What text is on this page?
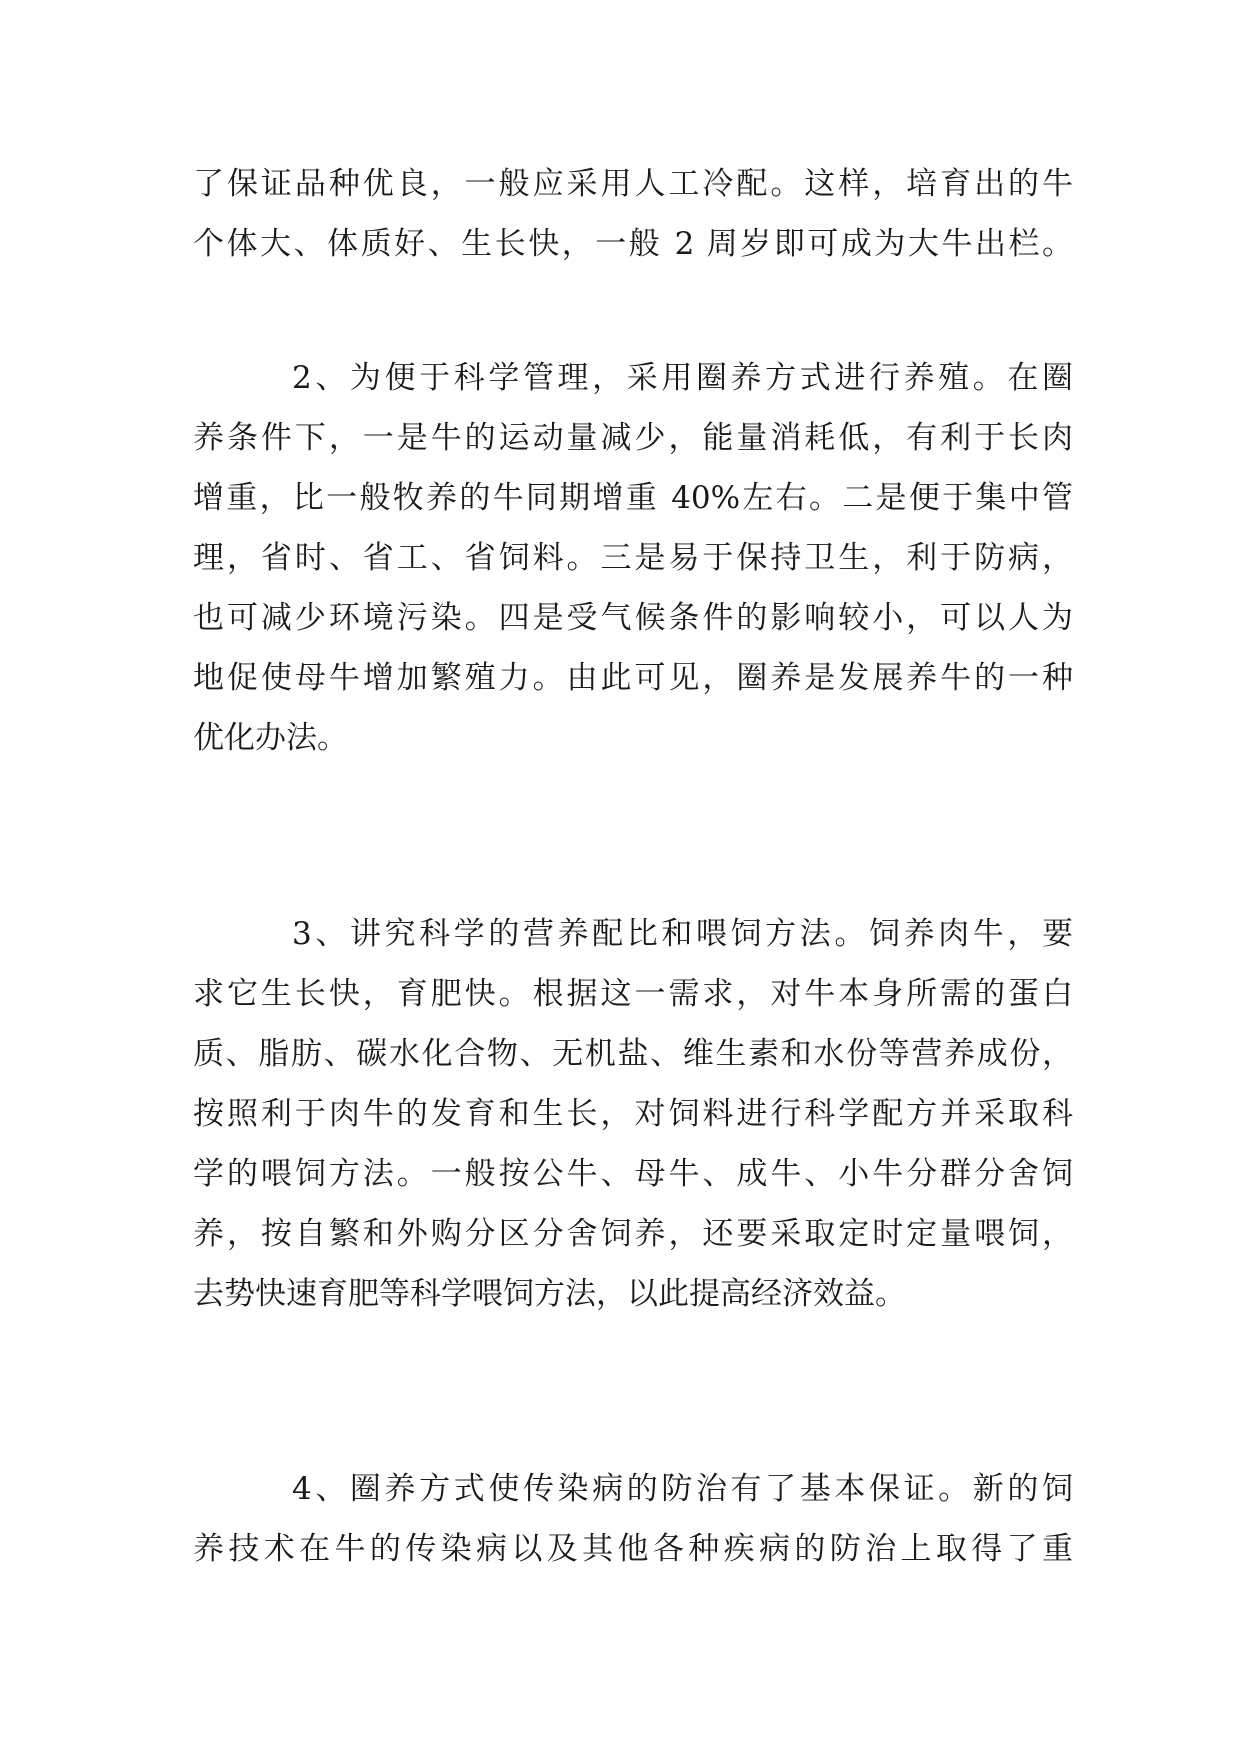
了保证品种优良，一般应采用人工冷配。这样，培育出的牛
个体大、体质好、生长快，一般 2 周岁即可成为大牛出栏。
2、为便于科学管理，采用圈养方式进行养殖。在圈
养条件下，一是牛的运动量减少，能量消耗低，有利于长肉
增重，比一般牧养的牛同期增重 40%左右。二是便于集中管
理，省时、省工、省饲料。三是易于保持卫生，利于防病，
也可减少环境污染。四是受气候条件的影响较小，可以人为
地促使母牛增加繁殖力。由此可见，圈养是发展养牛的一种
优化办法。
3、讲究科学的营养配比和喂饲方法。饲养肉牛，要
求它生长快，育肥快。根据这一需求，对牛本身所需的蛋白
质、脂肪、碳水化合物、无机盐、维生素和水份等营养成份，
按照利于肉牛的发育和生长，对饲料进行科学配方并采取科
学的喂饲方法。一般按公牛、母牛、成牛、小牛分群分舍饲
养，按自繁和外购分区分舍饲养，还要采取定时定量喂饲，
去势快速育肥等科学喂饲方法，以此提高经济效益。
4、圈养方式使传染病的防治有了基本保证。新的饲
养技术在牛的传染病以及其他各种疾病的防治上取得了重
